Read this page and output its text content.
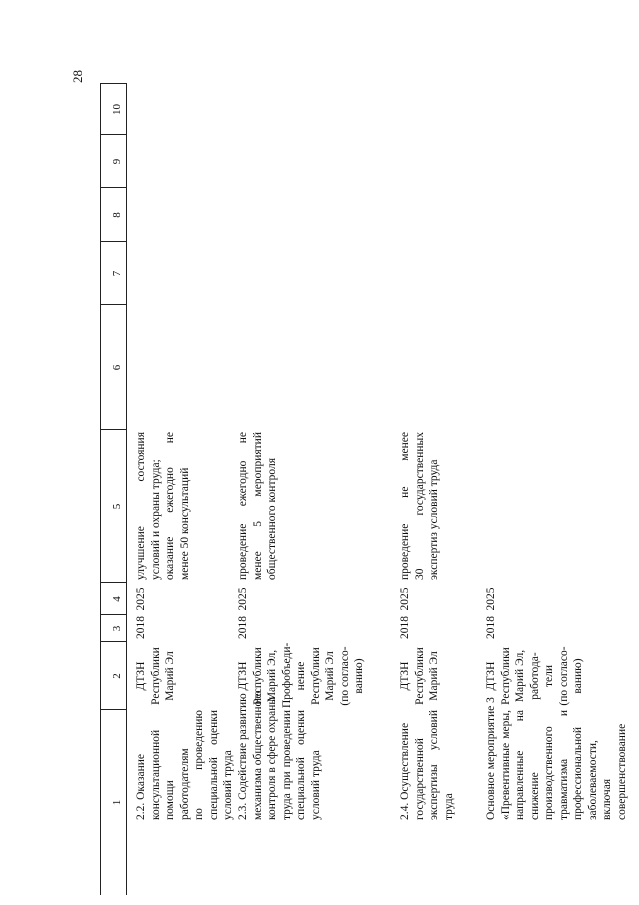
28
1
2
3
4
5
6
7
8
9
10
2.2. Оказание консультационной помощи работодателям по проведению специальной оценки условий труда
ДТЗН Республики Марий Эл
2018
2025
улучшение состояния условий и охраны труда; оказание ежегодно не менее 50 консультаций
2.3. Содействие развитию механизма общественного контроля в сфере охраны труда при проведении специальной оценки условий труда
ДТЗН Республики Марий Эл, Профобъеди- нение Республики Марий Эл (по согласо- ванию)
2018
2025
проведение ежегодно не менее 5 мероприятий общественного контроля
2.4. Осуществление государственной экспертизы условий труда
ДТЗН Республики Марий Эл
2018
2025
проведение не менее 30 государственных экспертиз условий труда
Основное мероприятие 3 «Превентивные меры, направленные на снижение производственного травматизма и профессиональной заболеваемости, включая совершенствование
ДТЗН Республики Марий Эл, работода- тели (по согласо- ванию)
2018
2025
